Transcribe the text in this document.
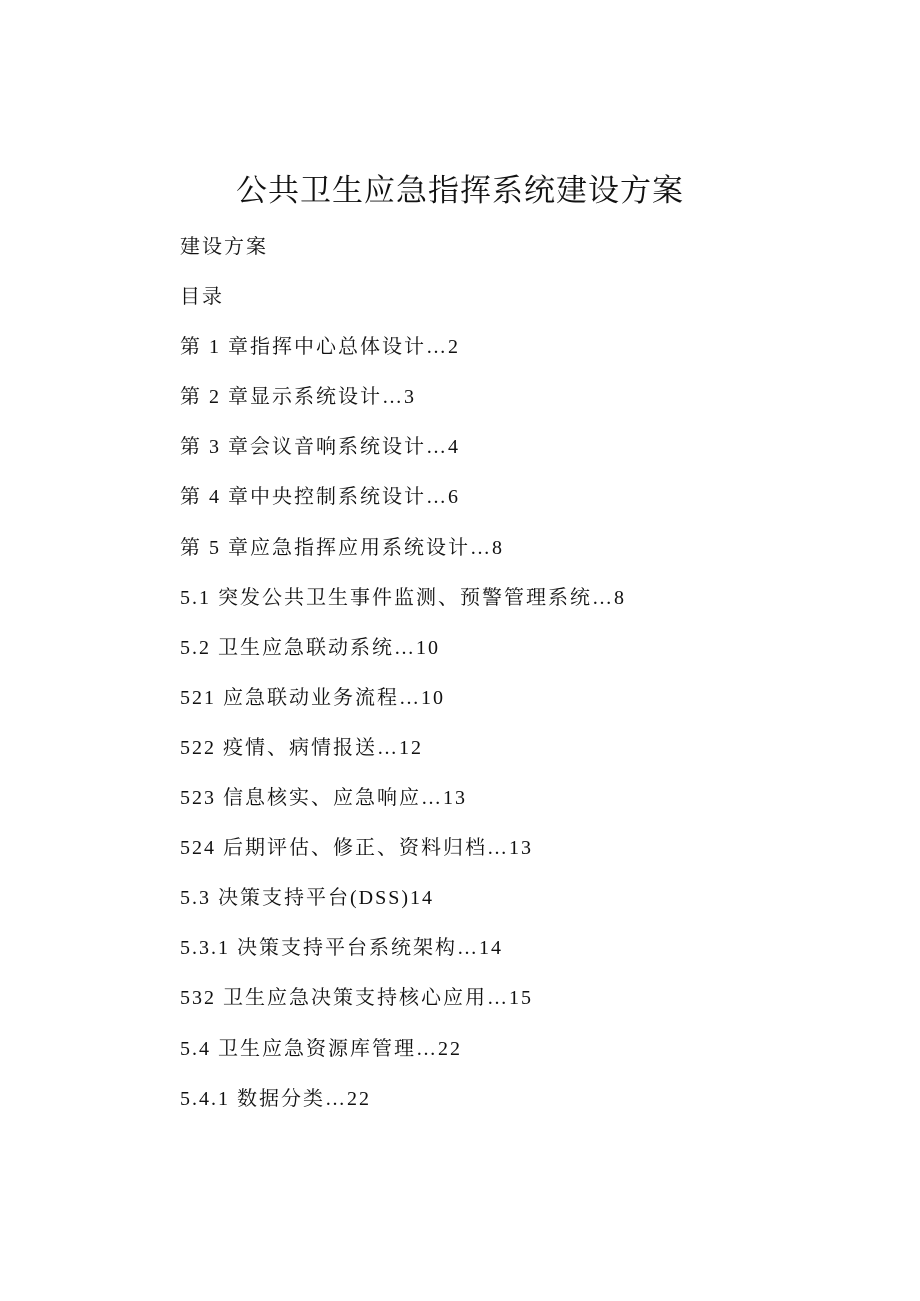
公共卫生应急指挥系统建设方案
建设方案
目录
第 1 章指挥中心总体设计…2
第 2 章显示系统设计…3
第 3 章会议音响系统设计…4
第 4 章中央控制系统设计…6
第 5 章应急指挥应用系统设计…8
5.1 突发公共卫生事件监测、预警管理系统…8
5.2 卫生应急联动系统…10
521 应急联动业务流程…10
522 疫情、病情报送…12
523 信息核实、应急响应…13
524 后期评估、修正、资料归档…13
5.3 决策支持平台(DSS)14
5.3.1 决策支持平台系统架构…14
532 卫生应急决策支持核心应用…15
5.4 卫生应急资源库管理…22
5.4.1 数据分类…22
